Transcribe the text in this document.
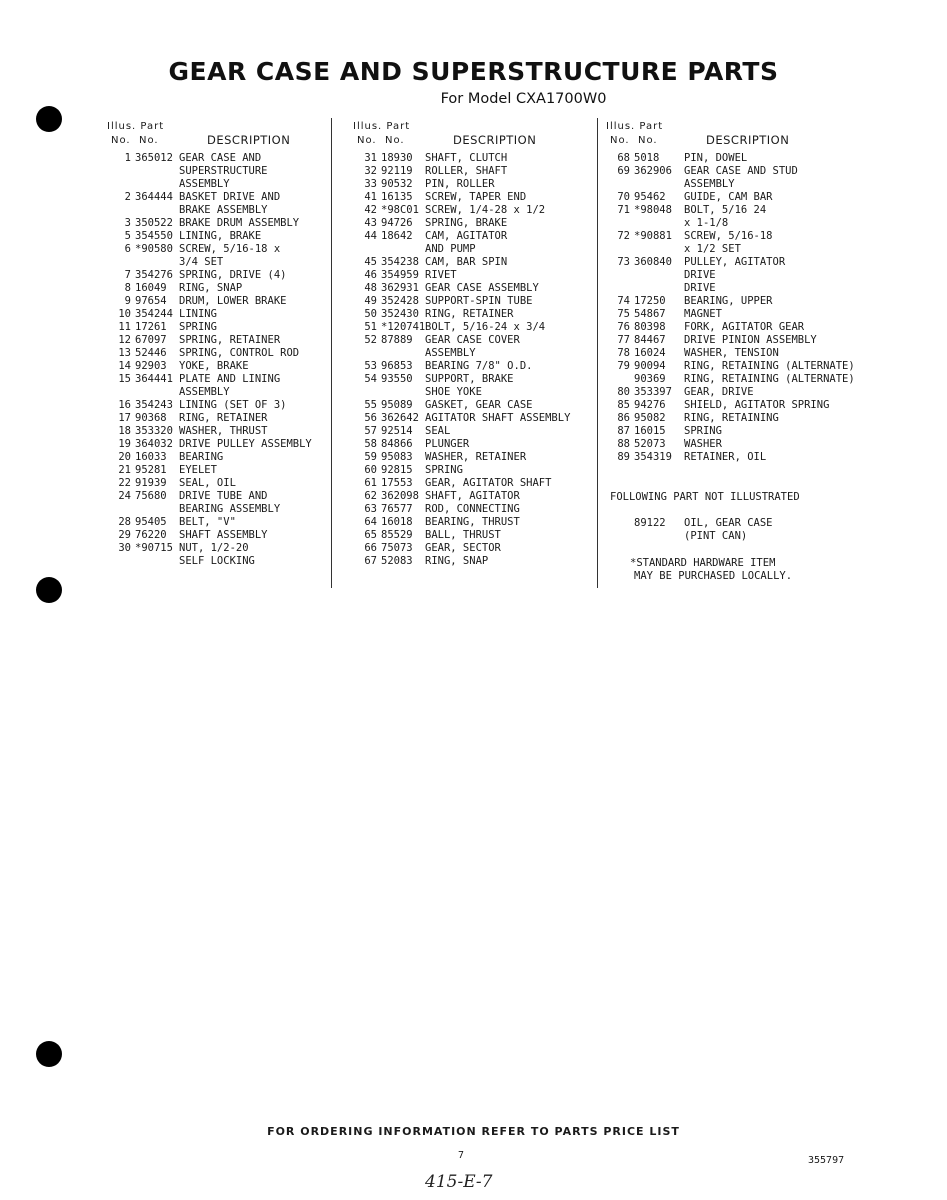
GEAR CASE AND SUPERSTRUCTURE PARTS
For Model CXA1700W0
Illus. Part
No.  No.	DESCRIPTION
1 365012 GEAR CASE AND
SUPERSTRUCTURE
ASSEMBLY
2 364444 BASKET DRIVE AND
BRAKE ASSEMBLY
3 350522 BRAKE DRUM ASSEMBLY
5 354550 LINING, BRAKE
6 *90580 SCREW, 5/16-18 x
3/4 SET
7 354276 SPRING, DRIVE (4)
8 16049 RING, SNAP
9 97654 DRUM, LOWER BRAKE
10 354244 LINING
11 17261 SPRING
12 67097 SPRING, RETAINER
13 52446 SPRING, CONTROL ROD
14 92903 YOKE, BRAKE
15 364441 PLATE AND LINING
ASSEMBLY
16 354243 LINING (SET OF 3)
17 90368 RING, RETAINER
18 353320 WASHER, THRUST
19 364032 DRIVE PULLEY ASSEMBLY
20 16033 BEARING
21 95281 EYELET
22 91939 SEAL, OIL
24 75680 DRIVE TUBE AND
BEARING ASSEMBLY
28 95405 BELT, "V"
29 76220 SHAFT ASSEMBLY
30 *90715 NUT, 1/2-20
SELF LOCKING
Illus. Part
No.  No.	DESCRIPTION
31 18930 SHAFT, CLUTCH
32 92119 ROLLER, SHAFT
33 90532 PIN, ROLLER
41 16135 SCREW, TAPER END
42 *98C01 SCREW, 1/4-28 x 1/2
43 94726 SPRING, BRAKE
44 18642 CAM, AGITATOR
AND PUMP
45 354238 CAM, BAR SPIN
46 354959 RIVET
48 362931 GEAR CASE ASSEMBLY
49 352428 SUPPORT-SPIN TUBE
50 352430 RING, RETAINER
51 *120741 BOLT, 5/16-24 x 3/4
52 87889 GEAR CASE COVER
ASSEMBLY
53 96853 BEARING 7/8" O.D.
54 93550 SUPPORT, BRAKE
SHOE YOKE
55 95089 GASKET, GEAR CASE
56 362642 AGITATOR SHAFT ASSEMBLY
57 92514 SEAL
58 84866 PLUNGER
59 95083 WASHER, RETAINER
60 92815 SPRING
61 17553 GEAR, AGITATOR SHAFT
62 362098 SHAFT, AGITATOR
63 76577 ROD, CONNECTING
64 16018 BEARING, THRUST
65 85529 BALL, THRUST
66 75073 GEAR, SECTOR
67 52083 RING, SNAP
Illus. Part
No.  No.	DESCRIPTION
68 5018 PIN, DOWEL
69 362906 GEAR CASE AND STUD
ASSEMBLY
70 95462 GUIDE, CAM BAR
71 *98048 BOLT, 5/16 24
x 1-1/8
72 *90881 SCREW, 5/16-18
x 1/2 SET
73 360840 PULLEY, AGITATOR
DRIVE
DRIVE
74 17250 BEARING, UPPER
75 54867 MAGNET
76 80398 FORK, AGITATOR GEAR
77 84467 DRIVE PINION ASSEMBLY
78 16024 WASHER, TENSION
79 90094 RING, RETAINING (ALTERNATE)
90369 RING, RETAINING (ALTERNATE)
80 353397 GEAR, DRIVE
85 94276 SHIELD, AGITATOR SPRING
86 95082 RING, RETAINING
87 16015 SPRING
88 52073 WASHER
89 354319 RETAINER, OIL
FOLLOWING PART NOT ILLUSTRATED
89122 OIL, GEAR CASE
(PINT CAN)
*STANDARD HARDWARE ITEM
MAY BE PURCHASED LOCALLY.
FOR ORDERING INFORMATION REFER TO PARTS PRICE LIST
7	355797
415-E-7
